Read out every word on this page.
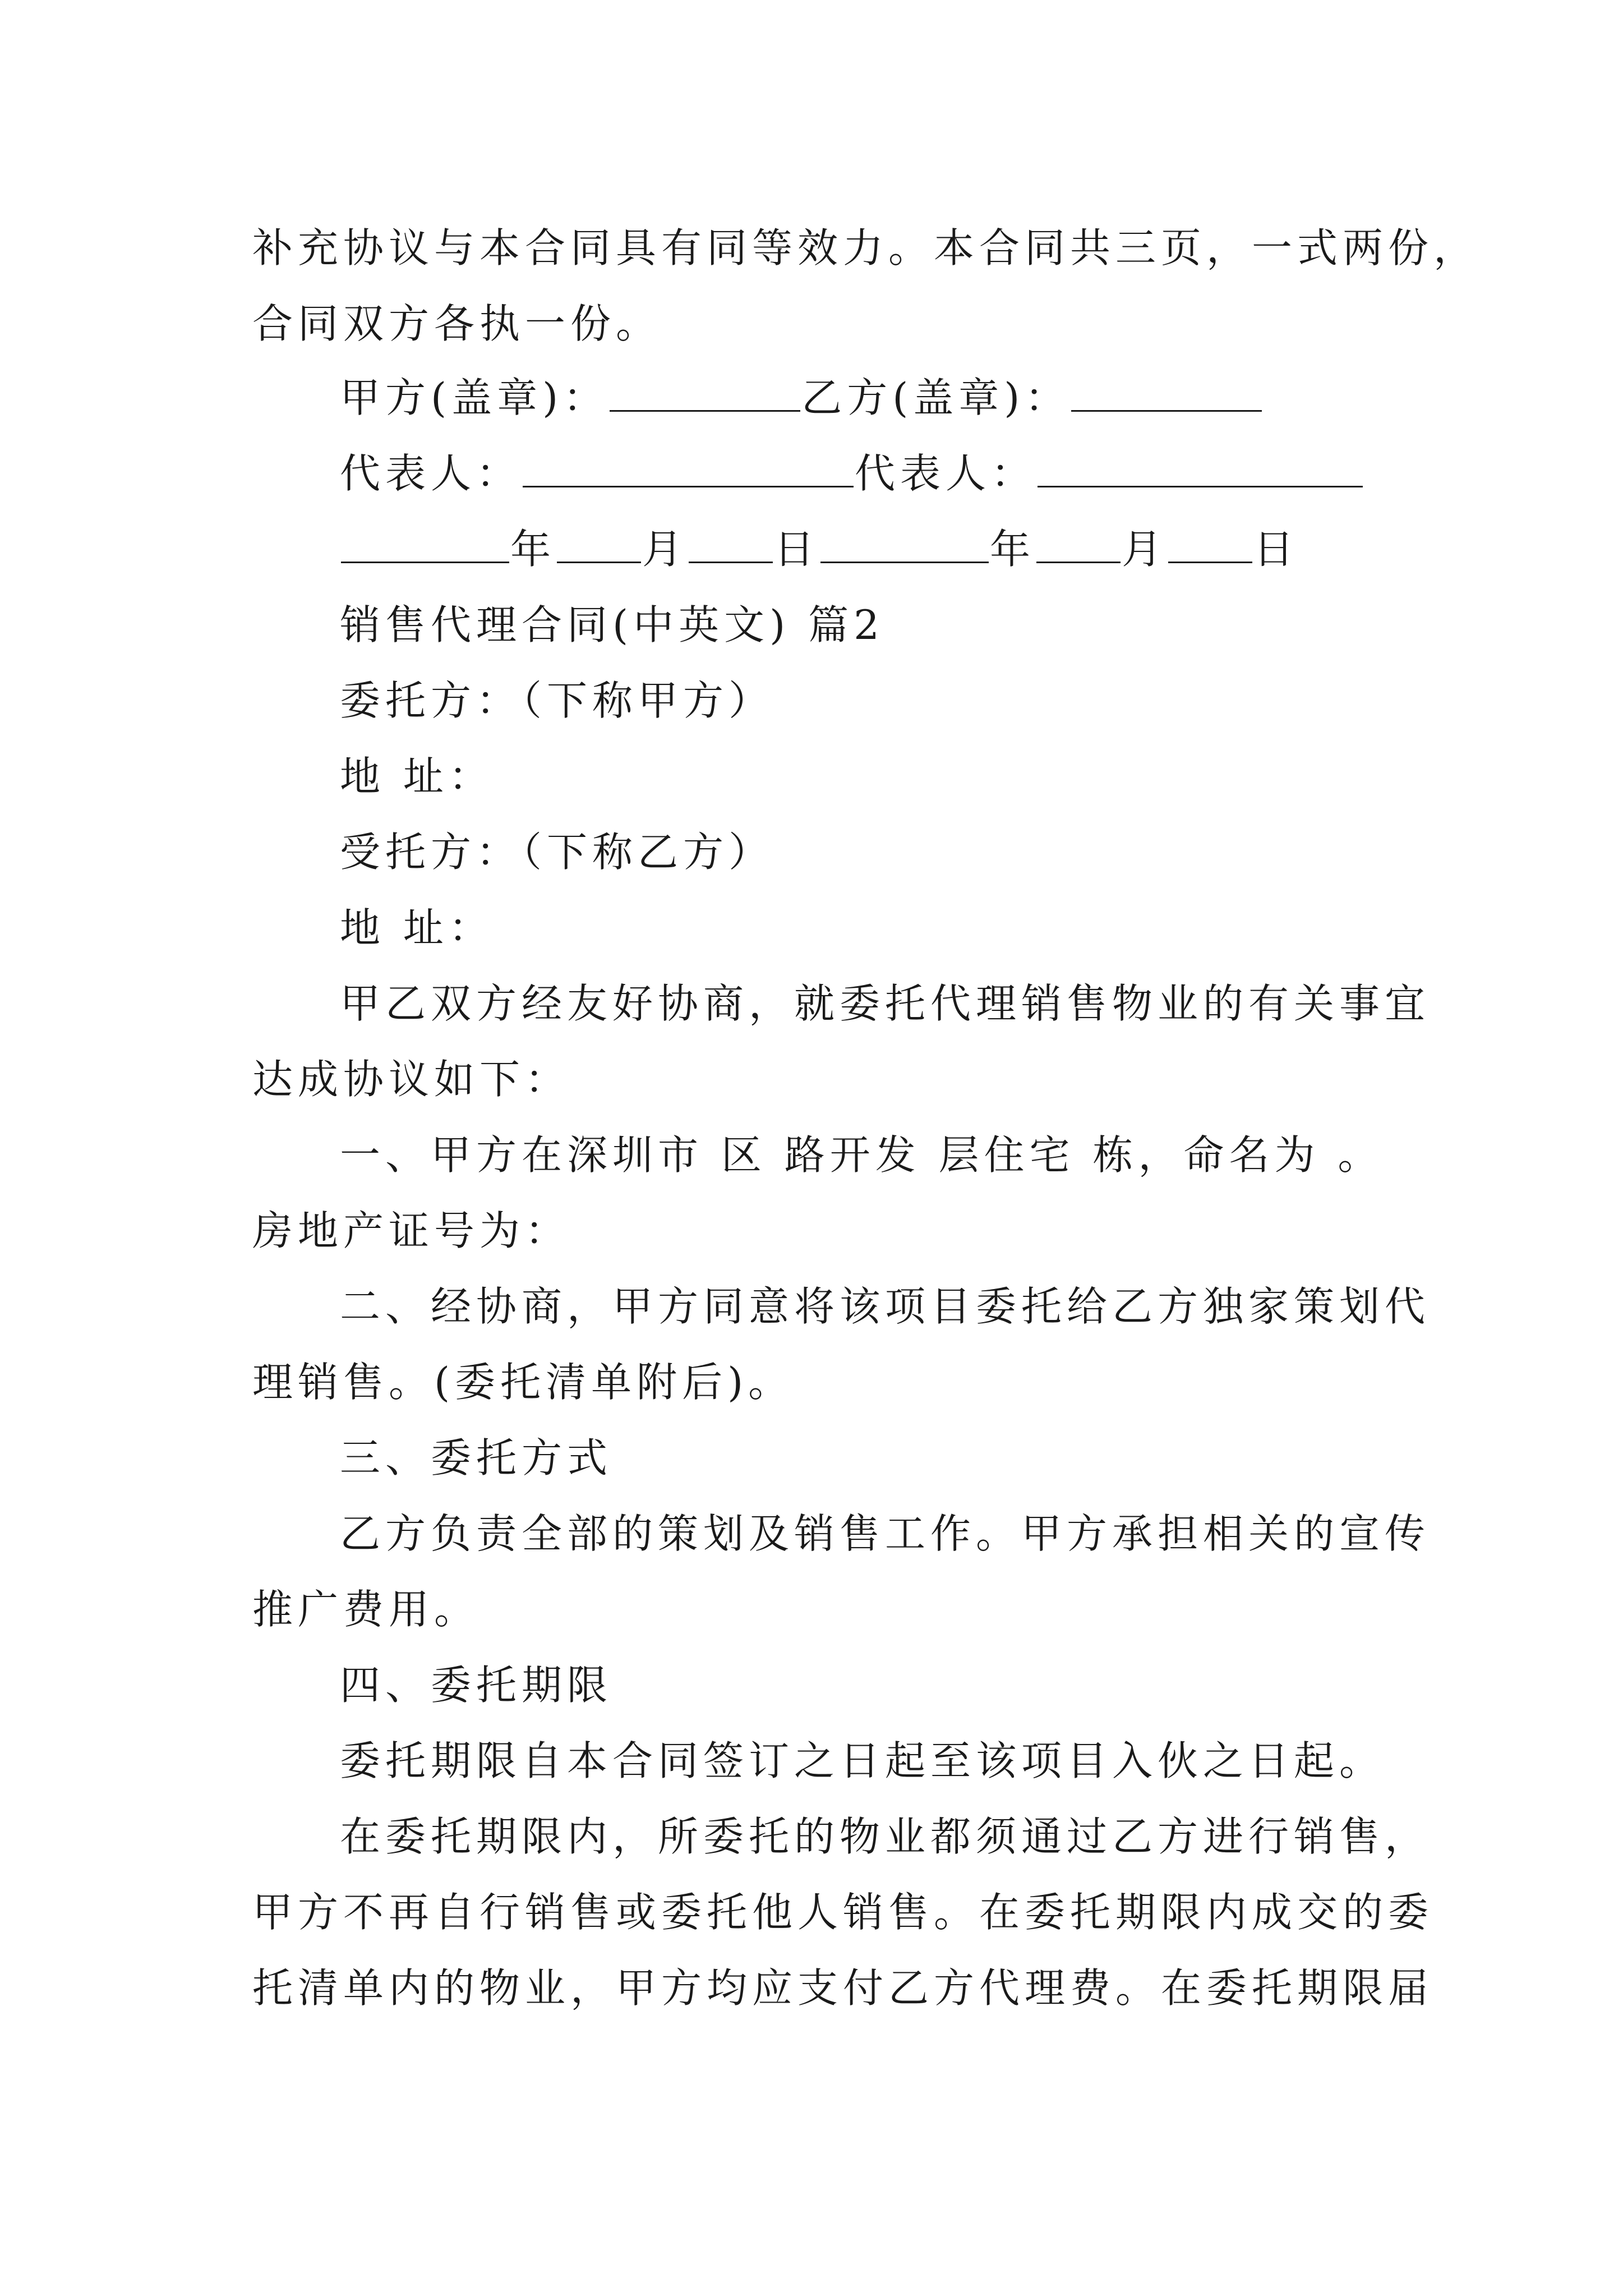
补充协议与本合同具有同等效力。本合同共三页，一式两份，
合同双方各执一份。
甲方(盖章)：	乙方(盖章)：
代表人：	代表人：
年 月 日	年 月 日
销售代理合同(中英文) 篇2
委托方：（下称甲方）
地 址：
受托方：（下称乙方）
地 址：
甲乙双方经友好协商，就委托代理销售物业的有关事宜
达成协议如下：
一、甲方在深圳市 区 路开发 层住宅 栋，命名为 。
房地产证号为：
二、经协商，甲方同意将该项目委托给乙方独家策划代
理销售。(委托清单附后)。
三、委托方式
乙方负责全部的策划及销售工作。甲方承担相关的宣传
推广费用。
四、委托期限
委托期限自本合同签订之日起至该项目入伙之日起。
在委托期限内，所委托的物业都须通过乙方进行销售，
甲方不再自行销售或委托他人销售。在委托期限内成交的委
托清单内的物业，甲方均应支付乙方代理费。在委托期限届
